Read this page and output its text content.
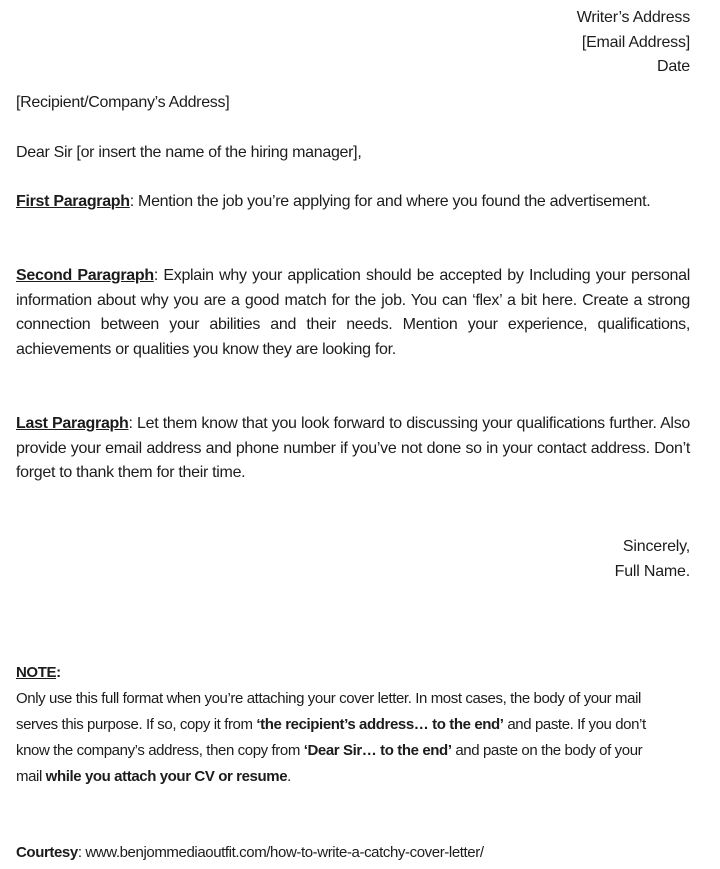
Writer’s Address
[Email Address]
Date
[Recipient/Company’s Address]
Dear Sir [or insert the name of the hiring manager],
First Paragraph: Mention the job you’re applying for and where you found the advertisement.
Second Paragraph: Explain why your application should be accepted by Including your personal information about why you are a good match for the job. You can ‘flex’ a bit here. Create a strong connection between your abilities and their needs. Mention your experience, qualifications, achievements or qualities you know they are looking for.
Last Paragraph: Let them know that you look forward to discussing your qualifications further. Also provide your email address and phone number if you’ve not done so in your contact address. Don’t forget to thank them for their time.
Sincerely,
Full Name.
NOTE:
Only use this full format when you’re attaching your cover letter. In most cases, the body of your mail serves this purpose. If so, copy it from ‘the recipient’s address… to the end’ and paste. If you don’t know the company’s address, then copy from ‘Dear Sir… to the end’ and paste on the body of your mail while you attach your CV or resume.
Courtesy: www.benjommediaoutfit.com/how-to-write-a-catchy-cover-letter/
